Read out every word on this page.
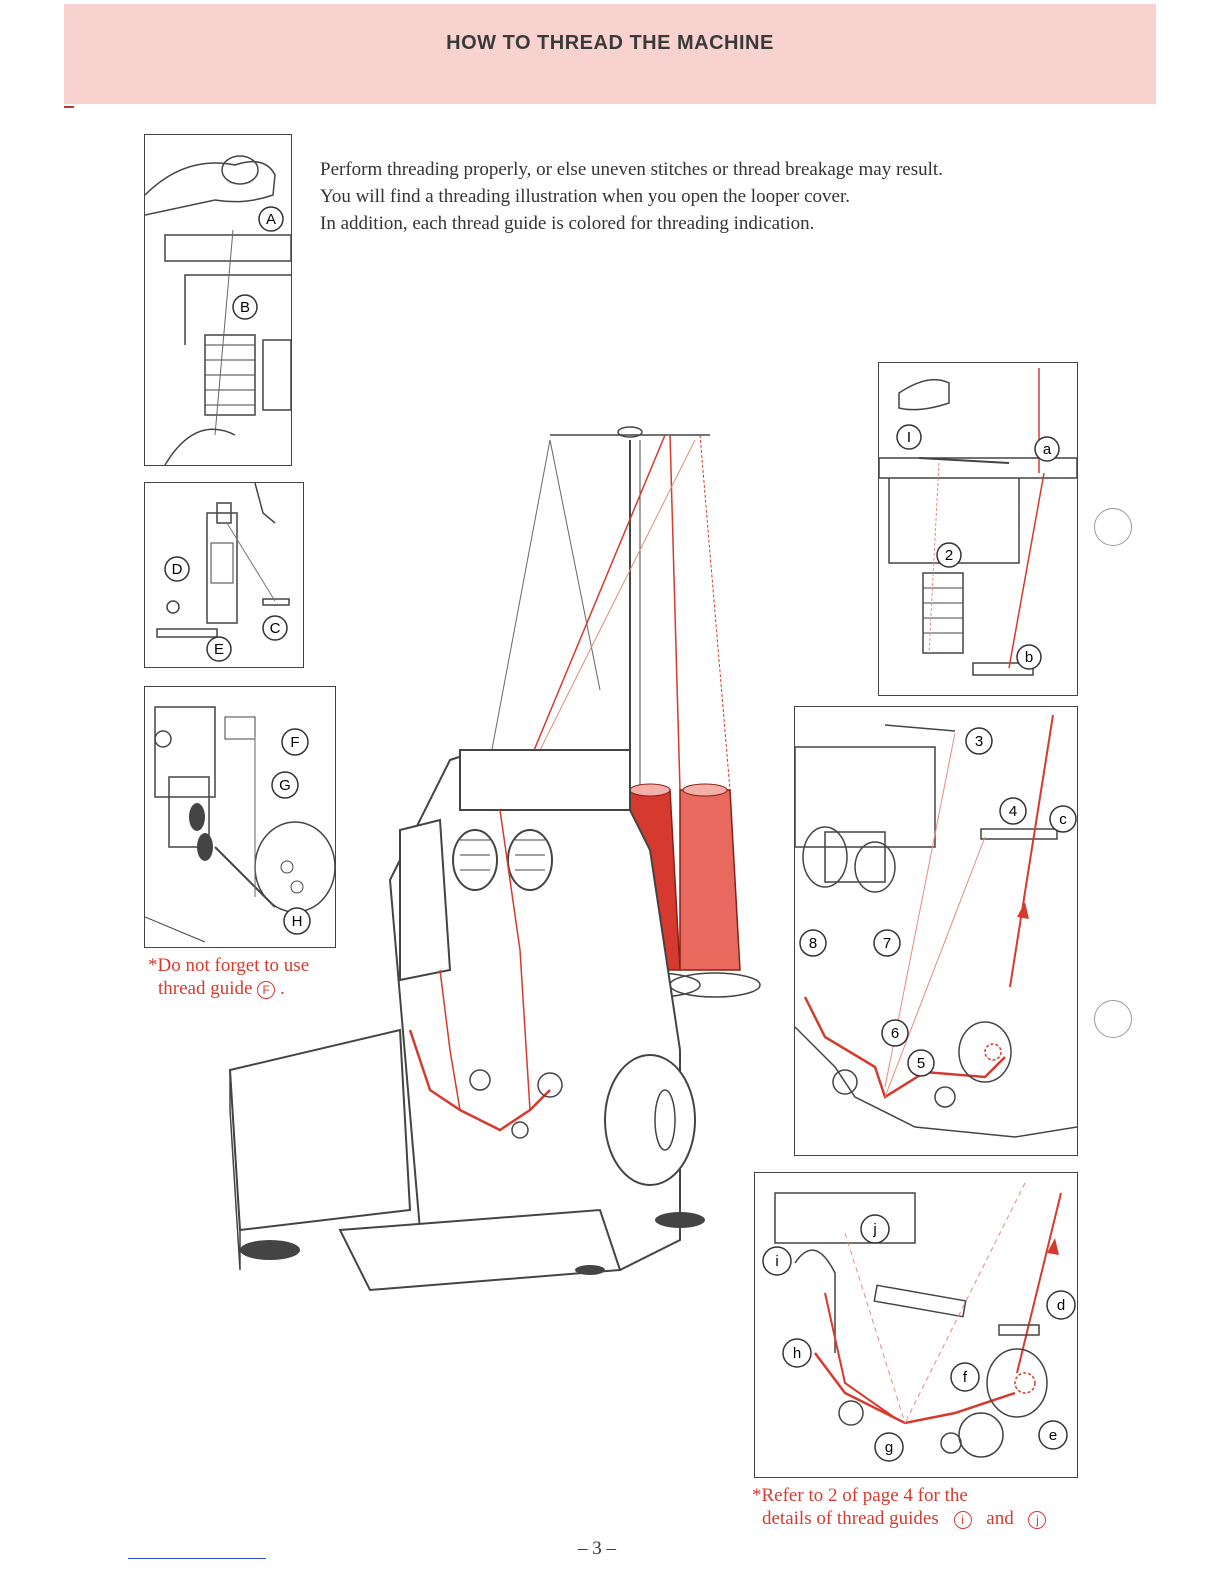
HOW TO THREAD THE MACHINE

Perform threading properly, or else uneven stitches or thread breakage may result.

You will find a threading illustration when you open the looper cover.

In addition, each thread guide is colored for threading indication.

A
B
D
C
E
F
G
H
*Do not forget to use
thread guide F .
I
a
2
b
3
4	c
8	7
6
5
j
i
d
h
f
g
e
*Refer to 2 of page 4 for the
details of thread guides i and j
– 3 –
